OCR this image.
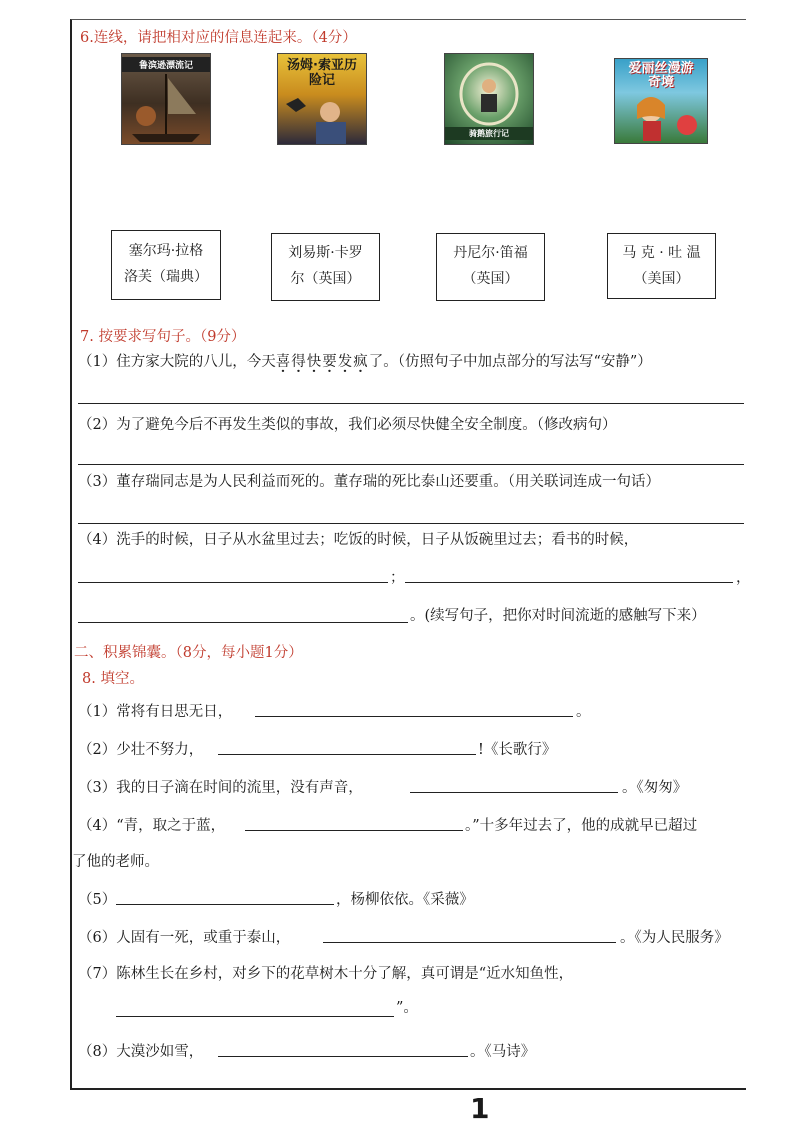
6.连线，请把相对应的信息连起来。（4分）
鲁滨逊漂流记	汤姆·索亚历险记
骑鹅旅行记
爱丽丝漫游奇境
塞尔玛·拉格
洛芙（瑞典）
刘易斯·卡罗
尔（英国）
丹尼尔·笛福
（英国）
马 克 · 吐 温
（美国）
7. 按要求写句子。（9分）
（1）住方家大院的八儿，今天喜得快要发疯了。（仿照句子中加点部分的写法写“安静”）
（2）为了避免今后不再发生类似的事故，我们必须尽快健全安全制度。（修改病句）
（3）董存瑞同志是为人民利益而死的。董存瑞的死比泰山还要重。（用关联词连成一句话）
（4）洗手的时候，日子从水盆里过去；吃饭的时候，日子从饭碗里过去；看书的时候，
；	，
。(续写句子，把你对时间流逝的感触写下来）
二、积累锦囊。（8分，每小题1分）
8. 填空。
（1）常将有日思无日，	。
（2）少壮不努力，	!《长歌行》
（3）我的日子滴在时间的流里，没有声音，	。《匆匆》
（4）“青，取之于蓝，	。”十多年过去了，他的成就早已超过
了他的老师。
（5）	，杨柳依依。《采薇》
（6）人固有一死，或重于泰山，	。《为人民服务》
（7）陈林生长在乡村，对乡下的花草树木十分了解，真可谓是“近水知鱼性，
”。
（8）大漠沙如雪，	。《马诗》
1
